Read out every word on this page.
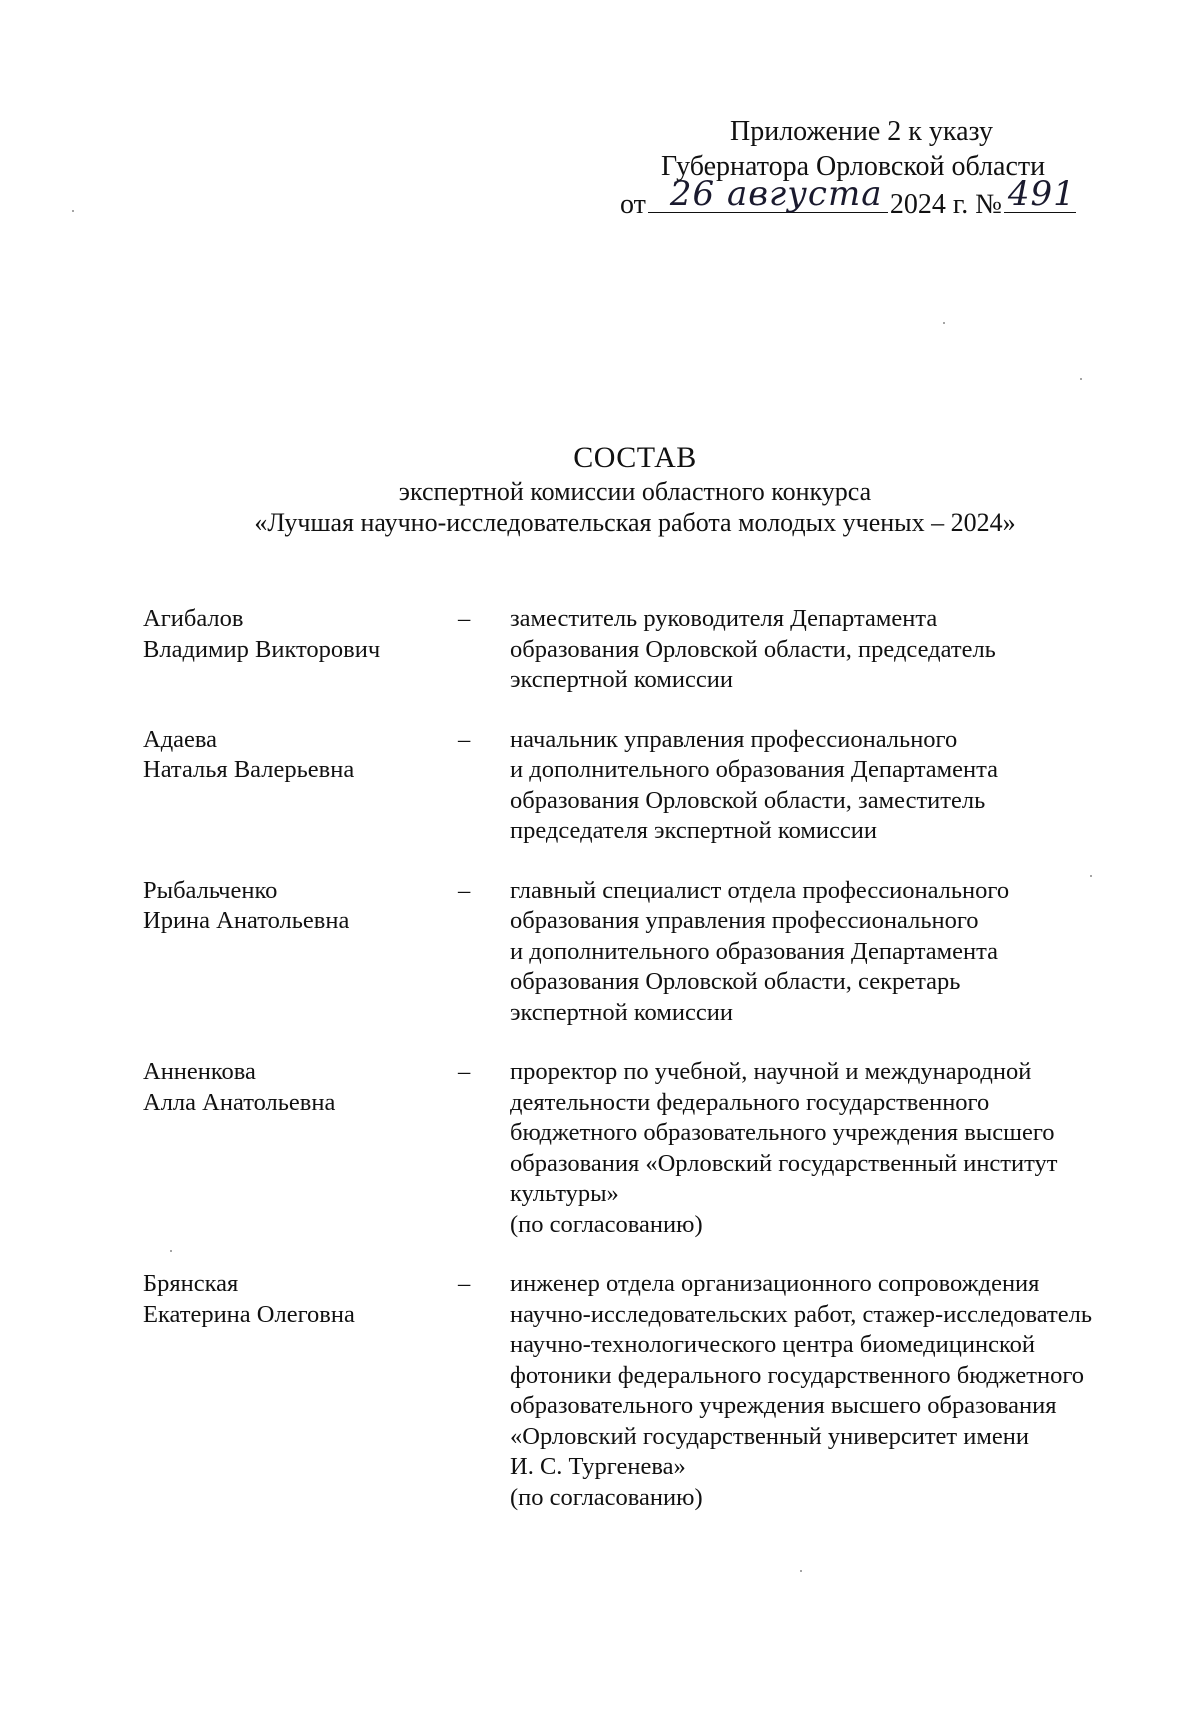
Приложение 2 к указу
Губернатора Орловской области
от 26 августа 2024 г. № 491
СОСТАВ
экспертной комиссии областного конкурса
«Лучшая научно-исследовательская работа молодых ученых – 2024»
Агибалов
Владимир Викторович
–	заместитель руководителя Департамента
образования Орловской области, председатель
экспертной комиссии
Адаева
Наталья Валерьевна
–	начальник управления профессионального
и дополнительного образования Департамента
образования Орловской области, заместитель
председателя экспертной комиссии
Рыбальченко
Ирина Анатольевна
–	главный специалист отдела профессионального
образования управления профессионального
и дополнительного образования Департамента
образования Орловской области, секретарь
экспертной комиссии
Анненкова
Алла Анатольевна
–	проректор по учебной, научной и международной
деятельности федерального государственного
бюджетного образовательного учреждения высшего
образования «Орловский государственный институт
культуры»
(по согласованию)
Брянская
Екатерина Олеговна
–	инженер отдела организационного сопровождения
научно-исследовательских работ, стажер-исследователь
научно-технологического центра биомедицинской
фотоники федерального государственного бюджетного
образовательного учреждения высшего образования
«Орловский государственный университет имени
И. С. Тургенева»
(по согласованию)
